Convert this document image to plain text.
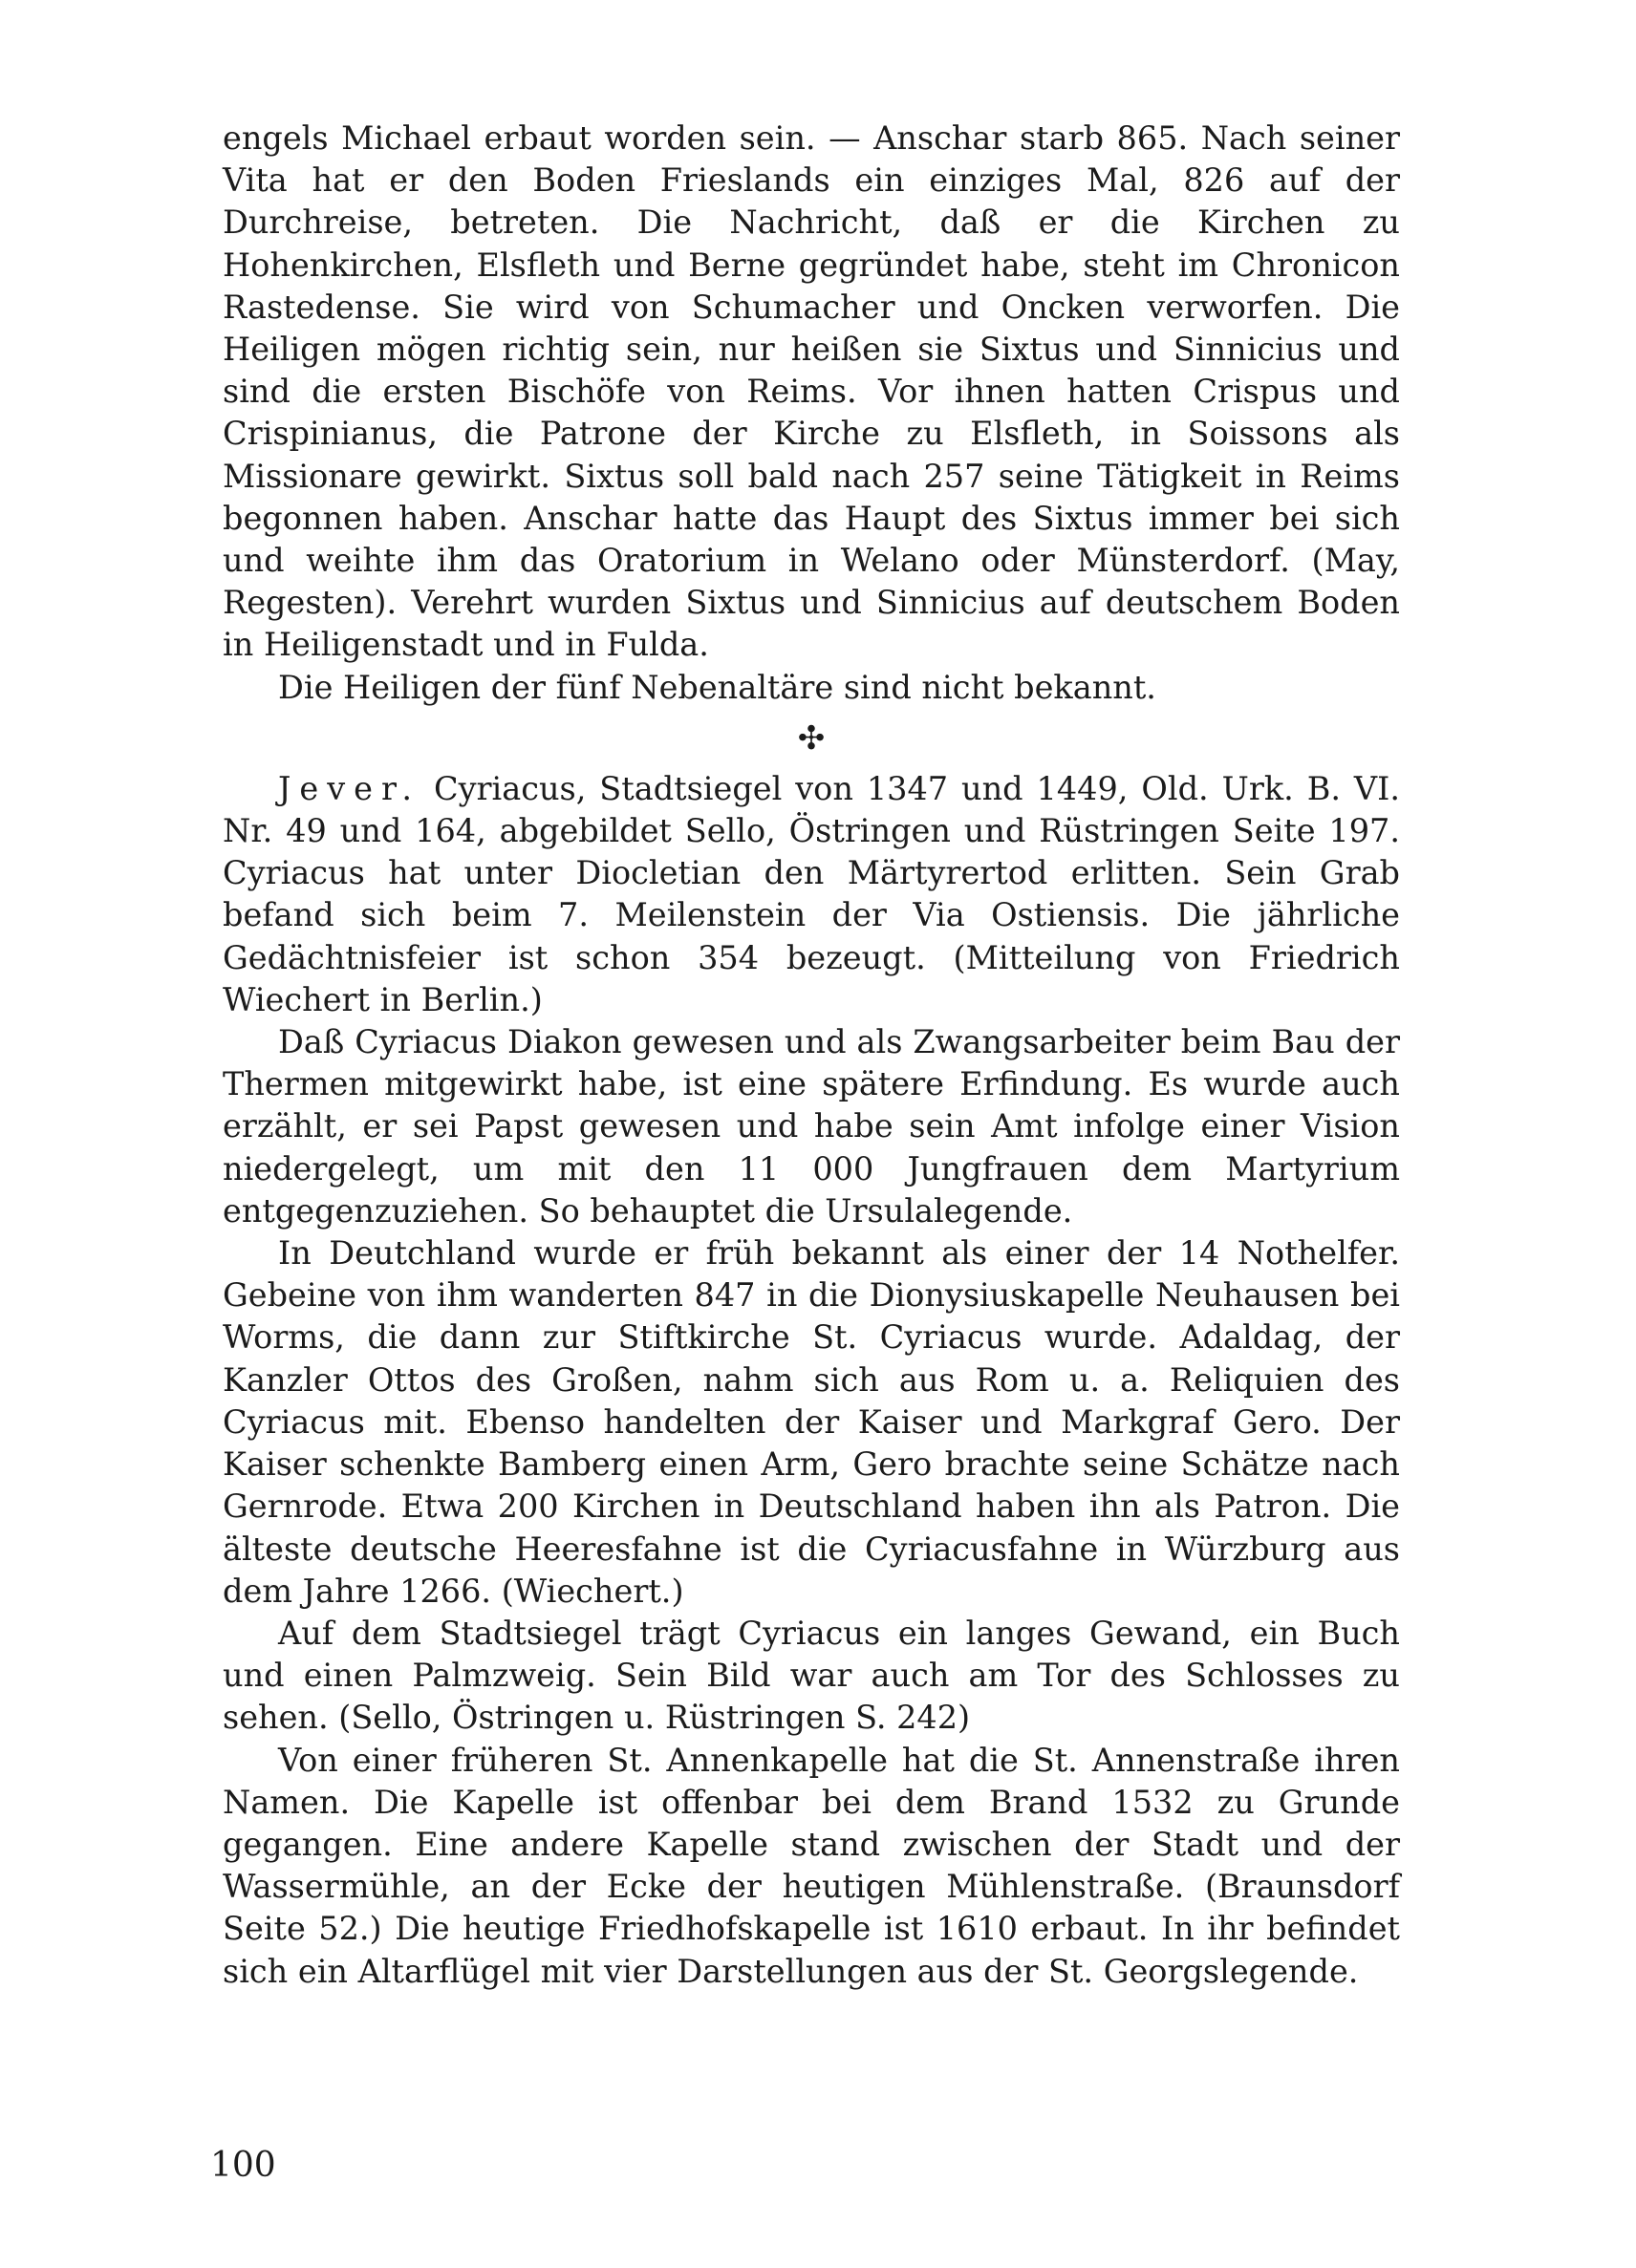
engels Michael erbaut worden sein. — Anschar starb 865. Nach seiner Vita hat er den Boden Frieslands ein einziges Mal, 826 auf der Durchreise, betreten. Die Nachricht, daß er die Kirchen zu Hohenkirchen, Elsfleth und Berne gegründet habe, steht im Chronicon Rastedense. Sie wird von Schumacher und Oncken verworfen. Die Heiligen mögen richtig sein, nur heißen sie Sixtus und Sinnicius und sind die ersten Bischöfe von Reims. Vor ihnen hatten Crispus und Crispinianus, die Patrone der Kirche zu Elsfleth, in Soissons als Missionare gewirkt. Sixtus soll bald nach 257 seine Tätigkeit in Reims begonnen haben. Anschar hatte das Haupt des Sixtus immer bei sich und weihte ihm das Oratorium in Welano oder Münsterdorf. (May, Regesten). Verehrt wurden Sixtus und Sinnicius auf deutschem Boden in Heiligenstadt und in Fulda.

Die Heiligen der fünf Nebenaltäre sind nicht bekannt.

✣

Jever. Cyriacus, Stadtsiegel von 1347 und 1449, Old. Urk. B. VI. Nr. 49 und 164, abgebildet Sello, Östringen und Rüstringen Seite 197. Cyriacus hat unter Diocletian den Märtyrertod erlitten. Sein Grab befand sich beim 7. Meilenstein der Via Ostiensis. Die jährliche Gedächtnisfeier ist schon 354 bezeugt. (Mitteilung von Friedrich Wiechert in Berlin.)

Daß Cyriacus Diakon gewesen und als Zwangsarbeiter beim Bau der Thermen mitgewirkt habe, ist eine spätere Erfindung. Es wurde auch erzählt, er sei Papst gewesen und habe sein Amt infolge einer Vision niedergelegt, um mit den 11 000 Jungfrauen dem Martyrium entgegenzuziehen. So behauptet die Ursulalegende.

In Deutchland wurde er früh bekannt als einer der 14 Nothelfer. Gebeine von ihm wanderten 847 in die Dionysiuskapelle Neuhausen bei Worms, die dann zur Stiftkirche St. Cyriacus wurde. Adaldag, der Kanzler Ottos des Großen, nahm sich aus Rom u. a. Reliquien des Cyriacus mit. Ebenso handelten der Kaiser und Markgraf Gero. Der Kaiser schenkte Bamberg einen Arm, Gero brachte seine Schätze nach Gernrode. Etwa 200 Kirchen in Deutschland haben ihn als Patron. Die älteste deutsche Heeresfahne ist die Cyriacusfahne in Würzburg aus dem Jahre 1266. (Wiechert.)

Auf dem Stadtsiegel trägt Cyriacus ein langes Gewand, ein Buch und einen Palmzweig. Sein Bild war auch am Tor des Schlosses zu sehen. (Sello, Östringen u. Rüstringen S. 242)

Von einer früheren St. Annenkapelle hat die St. Annenstraße ihren Namen. Die Kapelle ist offenbar bei dem Brand 1532 zu Grunde gegangen. Eine andere Kapelle stand zwischen der Stadt und der Wassermühle, an der Ecke der heutigen Mühlenstraße. (Braunsdorf Seite 52.) Die heutige Friedhofskapelle ist 1610 erbaut. In ihr befindet sich ein Altarflügel mit vier Darstellungen aus der St. Georgslegende.

100
